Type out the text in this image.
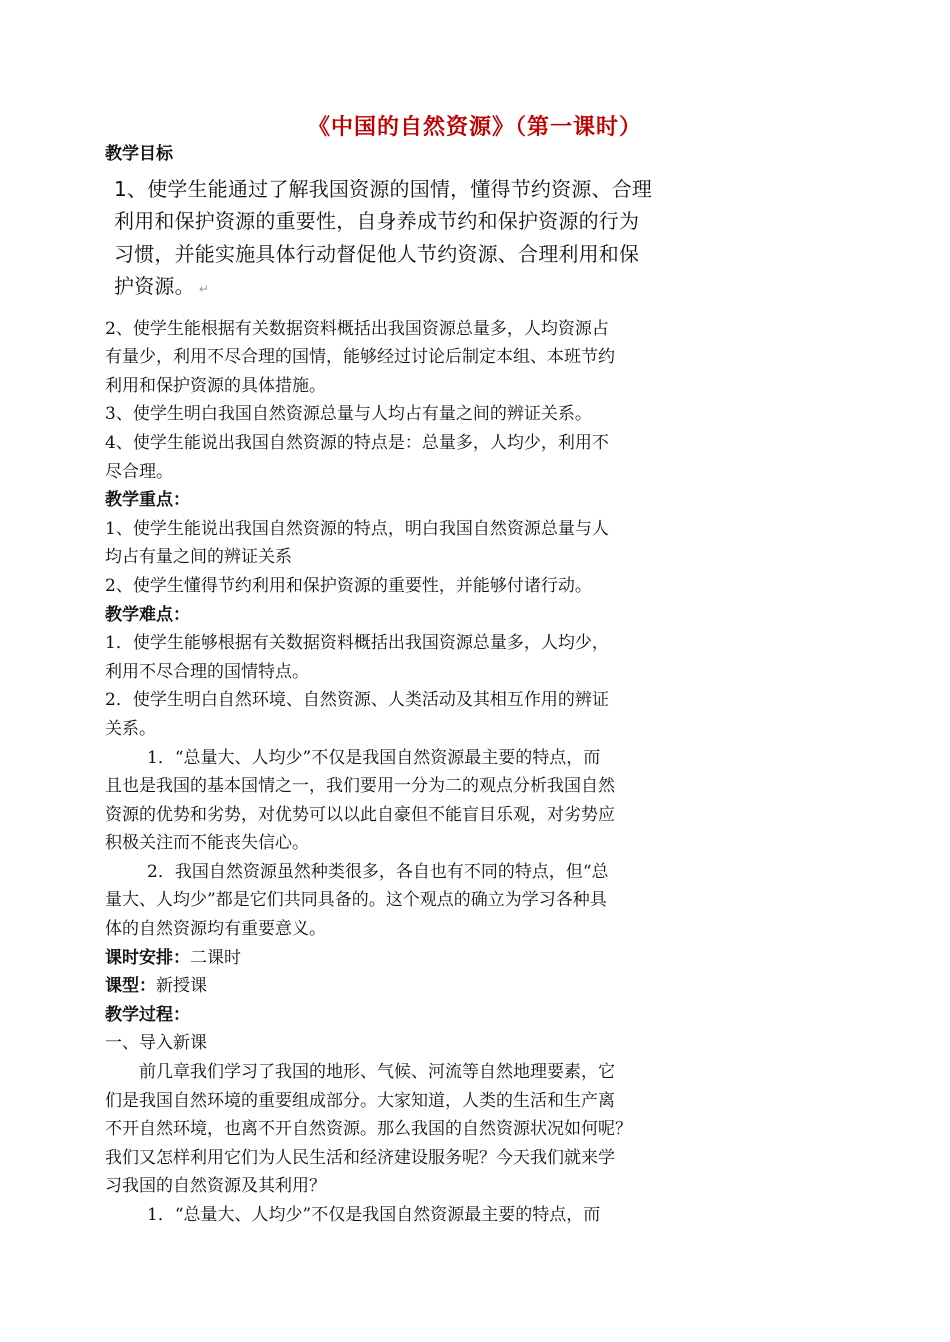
《中国的自然资源》（第一课时）
教学目标
1、使学生能通过了解我国资源的国情，懂得节约资源、合理
利用和保护资源的重要性，自身养成节约和保护资源的行为
习惯，并能实施具体行动督促他人节约资源、合理利用和保
护资源。 ↵
2、使学生能根据有关数据资料概括出我国资源总量多，人均资源占
有量少，利用不尽合理的国情，能够经过讨论后制定本组、本班节约
利用和保护资源的具体措施。
3、使学生明白我国自然资源总量与人均占有量之间的辨证关系。
4、使学生能说出我国自然资源的特点是：总量多，人均少，利用不
尽合理。
教学重点：
1、使学生能说出我国自然资源的特点，明白我国自然资源总量与人
均占有量之间的辨证关系
2、使学生懂得节约利用和保护资源的重要性，并能够付诸行动。
教学难点：
1．使学生能够根据有关数据资料概括出我国资源总量多，人均少，
利用不尽合理的国情特点。
2．使学生明白自然环境、自然资源、人类活动及其相互作用的辨证
关系。
1．“总量大、人均少”不仅是我国自然资源最主要的特点，而
且也是我国的基本国情之一，我们要用一分为二的观点分析我国自然
资源的优势和劣势，对优势可以以此自豪但不能盲目乐观，对劣势应
积极关注而不能丧失信心。
2．我国自然资源虽然种类很多，各自也有不同的特点，但“总
量大、人均少”都是它们共同具备的。这个观点的确立为学习各种具
体的自然资源均有重要意义。
课时安排：二课时
课型：新授课
教学过程：
一、导入新课
前几章我们学习了我国的地形、气候、河流等自然地理要素，它
们是我国自然环境的重要组成部分。大家知道，人类的生活和生产离
不开自然环境，也离不开自然资源。那么我国的自然资源状况如何呢？
我们又怎样利用它们为人民生活和经济建设服务呢？今天我们就来学
习我国的自然资源及其利用？
1．“总量大、人均少”不仅是我国自然资源最主要的特点，而
